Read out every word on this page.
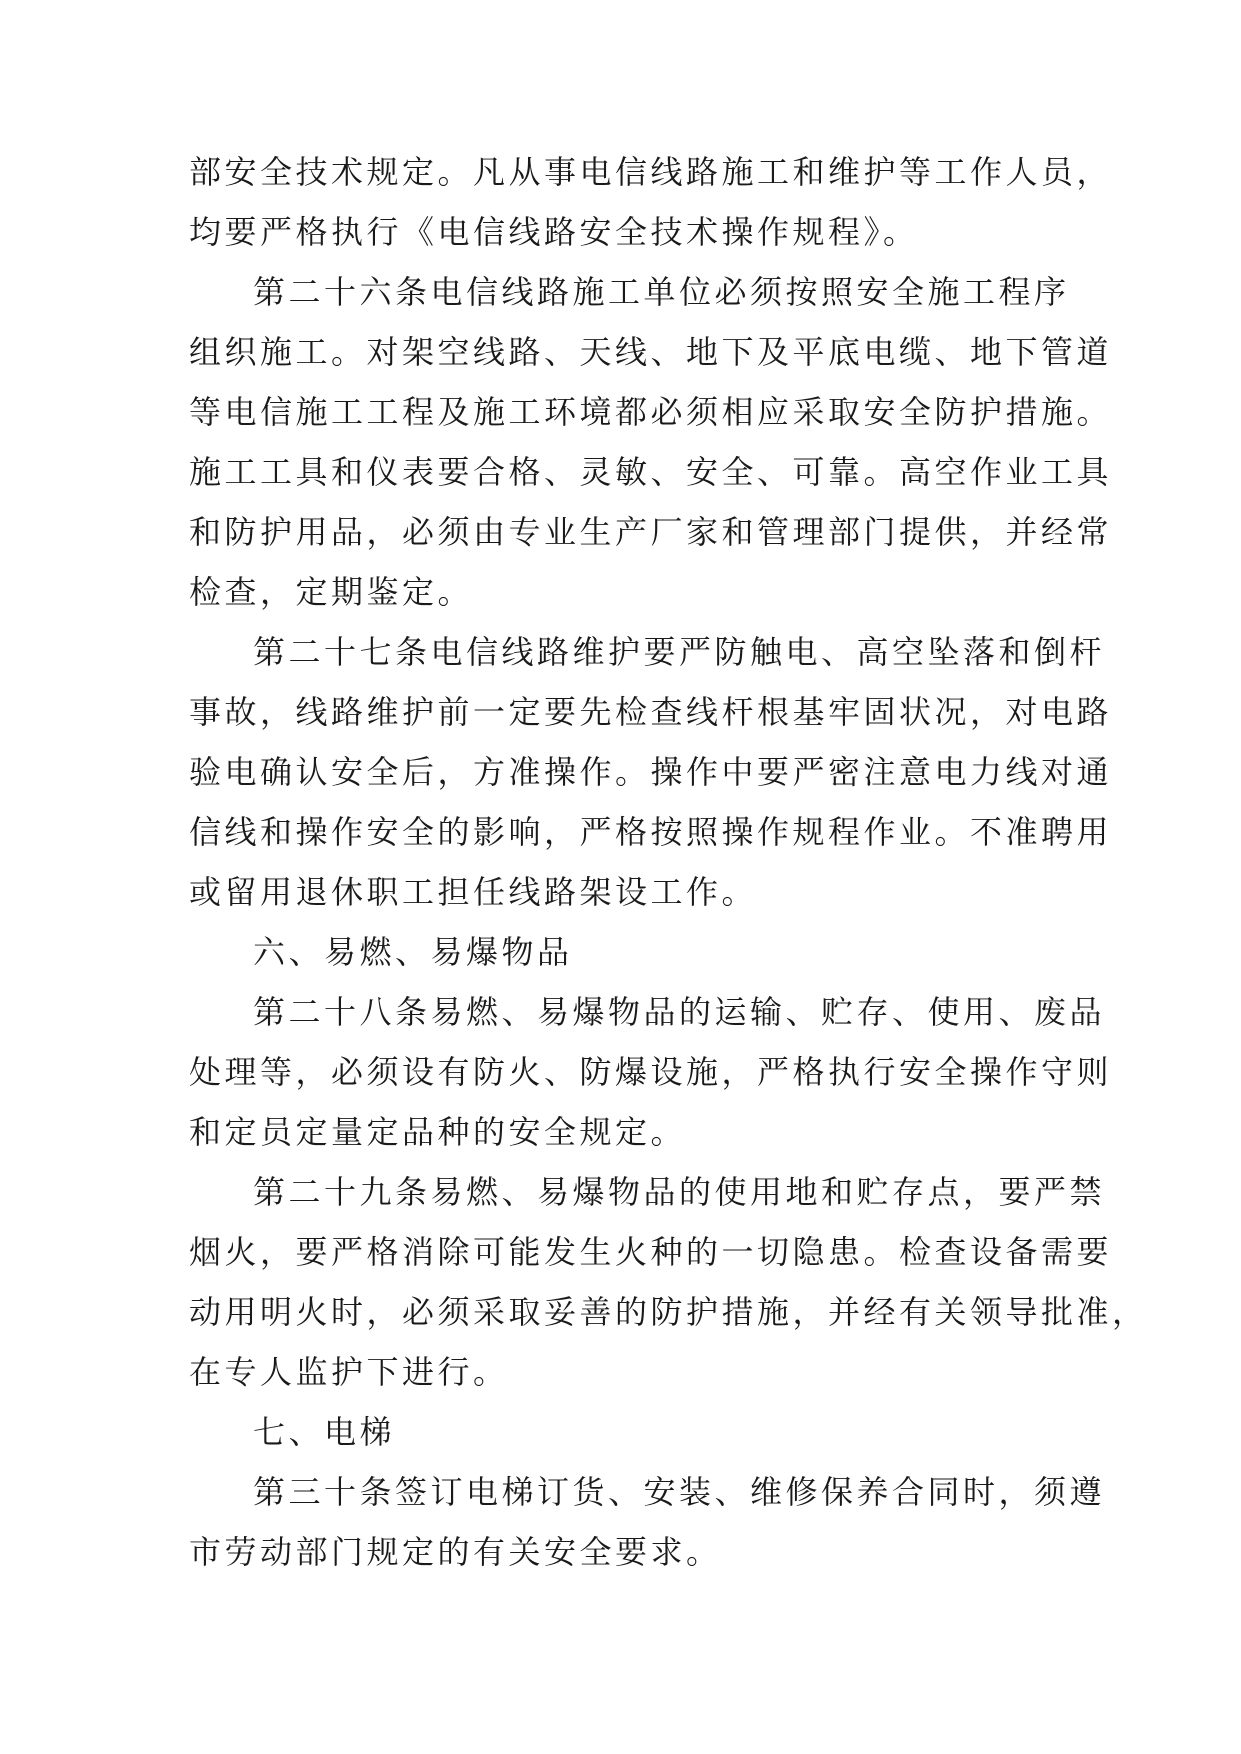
部安全技术规定。凡从事电信线路施工和维护等工作人员，
均要严格执行《电信线路安全技术操作规程》。
第二十六条电信线路施工单位必须按照安全施工程序
组织施工。对架空线路、天线、地下及平底电缆、地下管道
等电信施工工程及施工环境都必须相应采取安全防护措施。
施工工具和仪表要合格、灵敏、安全、可靠。高空作业工具
和防护用品，必须由专业生产厂家和管理部门提供，并经常
检查，定期鉴定。
第二十七条电信线路维护要严防触电、高空坠落和倒杆
事故，线路维护前一定要先检查线杆根基牢固状况，对电路
验电确认安全后，方准操作。操作中要严密注意电力线对通
信线和操作安全的影响，严格按照操作规程作业。不准聘用
或留用退休职工担任线路架设工作。
六、易燃、易爆物品
第二十八条易燃、易爆物品的运输、贮存、使用、废品
处理等，必须设有防火、防爆设施，严格执行安全操作守则
和定员定量定品种的安全规定。
第二十九条易燃、易爆物品的使用地和贮存点，要严禁
烟火，要严格消除可能发生火种的一切隐患。检查设备需要
动用明火时，必须采取妥善的防护措施，并经有关领导批准，
在专人监护下进行。
七、电梯
第三十条签订电梯订货、安装、维修保养合同时，须遵
市劳动部门规定的有关安全要求。
